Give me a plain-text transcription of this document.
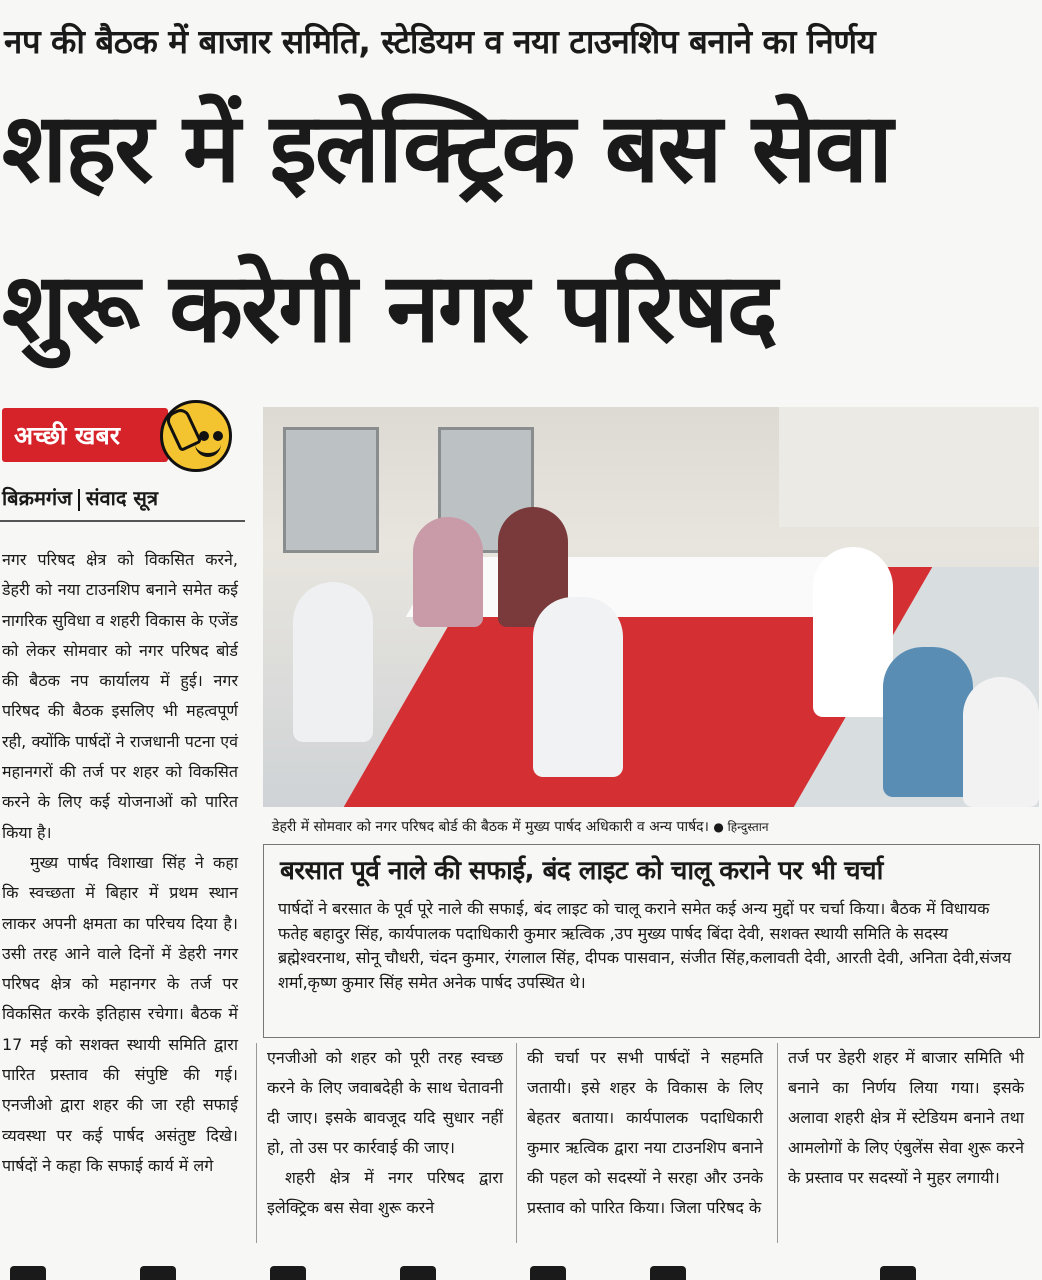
नप की बैठक में बाजार समिति, स्टेडियम व नया टाउनशिप बनाने का निर्णय
शहर में इलेक्ट्रिक बस सेवा
शुरू करेगी नगर परिषद
अच्छी खबर
बिक्रमगंज संवाद सूत्र

नगर परिषद क्षेत्र को विकसित करने, डेहरी को नया टाउनशिप बनाने समेत कई नागरिक सुविधा व शहरी विकास के एजेंड को लेकर सोमवार को नगर परिषद बोर्ड की बैठक नप कार्यालय में हुई। नगर परिषद की बैठक इसलिए भी महत्वपूर्ण रही, क्योंकि पार्षदों ने राजधानी पटना एवं महानगरों की तर्ज पर शहर को विकसित करने के लिए कई योजनाओं को पारित किया है।

मुख्य पार्षद विशाखा सिंह ने कहा कि स्वच्छता में बिहार में प्रथम स्थान लाकर अपनी क्षमता का परिचय दिया है। उसी तरह आने वाले दिनों में डेहरी नगर परिषद क्षेत्र को महानगर के तर्ज पर विकसित करके इतिहास रचेगा। बैठक में 17 मई को सशक्त स्थायी समिति द्वारा पारित प्रस्ताव की संपुष्टि की गई। एनजीओ द्वारा शहर की जा रही सफाई व्यवस्था पर कई पार्षद असंतुष्ट दिखे। पार्षदों ने कहा कि सफाई कार्य में लगे

डेहरी में सोमवार को नगर परिषद बोर्ड की बैठक में मुख्य पार्षद अधिकारी व अन्य पार्षद। ● हिन्दुस्तान
बरसात पूर्व नाले की सफाई, बंद लाइट को चालू कराने पर भी चर्चा
पार्षदों ने बरसात के पूर्व पूरे नाले की सफाई, बंद लाइट को चालू कराने समेत कई अन्य मुद्दों पर चर्चा किया। बैठक में विधायक फतेह बहादुर सिंह, कार्यपालक पदाधिकारी कुमार ऋत्विक ,उप मुख्य पार्षद बिंदा देवी, सशक्त स्थायी समिति के सदस्य ब्रह्मेश्वरनाथ, सोनू चौधरी, चंदन कुमार, रंगलाल सिंह, दीपक पासवान, संजीत सिंह,कलावती देवी, आरती देवी, अनिता देवी,संजय शर्मा,कृष्ण कुमार सिंह समेत अनेक पार्षद उपस्थित थे।

एनजीओ को शहर को पूरी तरह स्वच्छ करने के लिए जवाबदेही के साथ चेतावनी दी जाए। इसके बावजूद यदि सुधार नहीं हो, तो उस पर कार्रवाई की जाए।

शहरी क्षेत्र में नगर परिषद द्वारा इलेक्ट्रिक बस सेवा शुरू करने

की चर्चा पर सभी पार्षदों ने सहमति जतायी। इसे शहर के विकास के लिए बेहतर बताया। कार्यपालक पदाधिकारी कुमार ऋत्विक द्वारा नया टाउनशिप बनाने की पहल को सदस्यों ने सरहा और उनके प्रस्ताव को पारित किया। जिला परिषद के

तर्ज पर डेहरी शहर में बाजार समिति भी बनाने का निर्णय लिया गया। इसके अलावा शहरी क्षेत्र में स्टेडियम बनाने तथा आमलोगों के लिए एंबुलेंस सेवा शुरू करने के प्रस्ताव पर सदस्यों ने मुहर लगायी।
